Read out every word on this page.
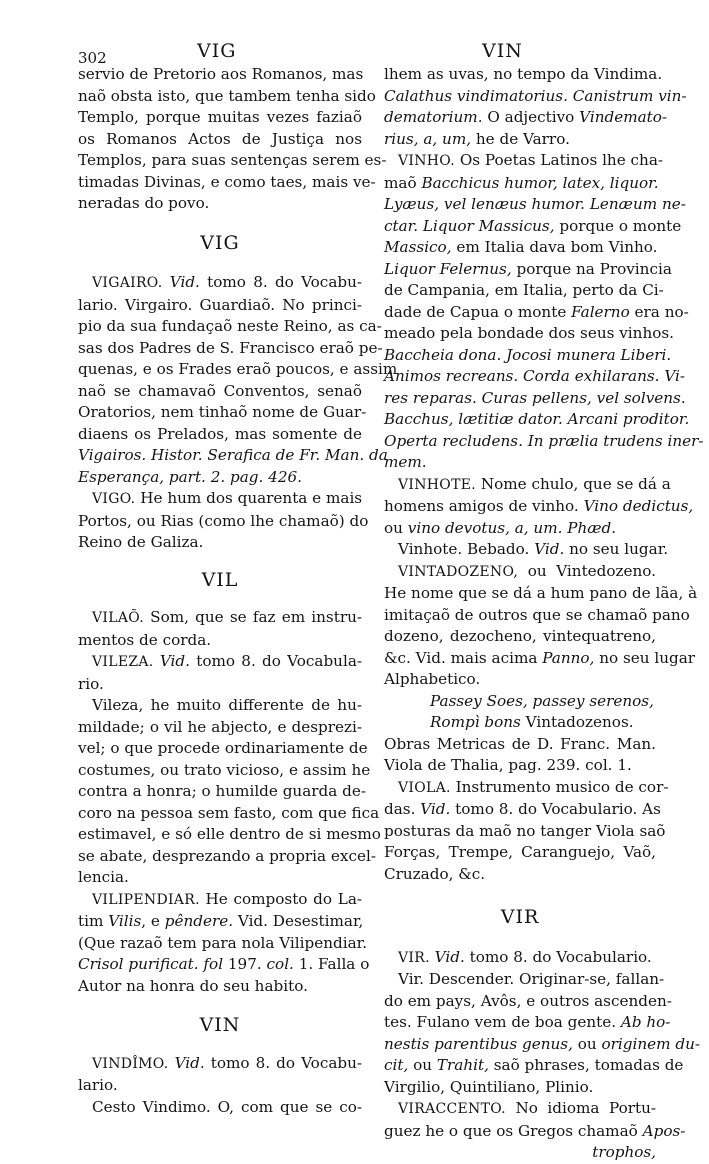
302	VIG	VIN
servio de Pretorio aos Romanos, mas
naõ obsta isto, que tambem tenha sido
Templo, porque muitas vezes faziaõ
os Romanos Actos de Justiça nos
Templos, para suas sentenças serem es-
timadas Divinas, e como taes, mais ve-
neradas do povo.
VIG
VIGAIRO. Vid. tomo 8. do Vocabu-
lario. Virgairo. Guardiaõ. No princi-
pio da sua fundaçaõ neste Reino, as ca-
sas dos Padres de S. Francisco eraõ pe-
quenas, e os Frades eraõ poucos, e assim
naõ se chamavaõ Conventos, senaõ
Oratorios, nem tinhaõ nome de Guar-
diaens os Prelados, mas somente de
Vigairos. Histor. Serafica de Fr. Man. da
Esperança, part. 2. pag. 426.
VIGO. He hum dos quarenta e mais
Portos, ou Rias (como lhe chamaõ) do
Reino de Galiza.
VIL
VILAÕ. Som, que se faz em instru-
mentos de corda.
VILEZA. Vid. tomo 8. do Vocabula-
rio.
Vileza, he muito differente de hu-
mildade; o vil he abjecto, e desprezi-
vel; o que procede ordinariamente de
costumes, ou trato vicioso, e assim he
contra a honra; o humilde guarda de-
coro na pessoa sem fasto, com que fica
estimavel, e só elle dentro de si mesmo
se abate, desprezando a propria excel-
lencia.
VILIPENDIAR. He composto do La-
tim Vilis, e pêndere. Vid. Desestimar,
(Que razaõ tem para nola Vilipendiar.
Crisol purificat. fol 197. col. 1. Falla o
Autor na honra do seu habito.
VIN
VINDÎMO. Vid. tomo 8. do Vocabu-
lario.
Cesto Vindimo. O, com que se co-
lhem as uvas, no tempo da Vindima.
Calathus vindimatorius. Canistrum vin-
dematorium. O adjectivo Vindemato-
rius, a, um, he de Varro.
VINHO. Os Poetas Latinos lhe cha-
maõ Bacchicus humor, latex, liquor.
Lyæus, vel lenæus humor. Lenæum ne-
ctar. Liquor Massicus, porque o monte
Massico, em Italia dava bom Vinho.
Liquor Felernus, porque na Provincia
de Campania, em Italia, perto da Ci-
dade de Capua o monte Falerno era no-
meado pela bondade dos seus vinhos.
Baccheia dona. Jocosi munera Liberi.
Animos recreans. Corda exhilarans. Vi-
res reparas. Curas pellens, vel solvens.
Bacchus, lætitiæ dator. Arcani proditor.
Operta recludens. In prælia trudens iner-
mem.
VINHOTE. Nome chulo, que se dá a
homens amigos de vinho. Vino dedictus,
ou vino devotus, a, um. Phæd.
Vinhote. Bebado. Vid. no seu lugar.
VINTADOZENO, ou Vintedozeno.
He nome que se dá a hum pano de lãa, à
imitaçaõ de outros que se chamaõ pano
dozeno, dezocheno, vintequatreno,
&c. Vid. mais acima Panno, no seu lugar
Alphabetico.
Passey Soes, passey serenos,
Rompì bons Vintadozenos.
Obras Metricas de D. Franc. Man.
Viola de Thalia, pag. 239. col. 1.
VIOLA. Instrumento musico de cor-
das. Vid. tomo 8. do Vocabulario. As
posturas da maõ no tanger Viola saõ
Forças, Trempe, Caranguejo, Vaõ,
Cruzado, &c.
VIR
VIR. Vid. tomo 8. do Vocabulario.
Vir. Descender. Originar-se, fallan-
do em pays, Avôs, e outros ascenden-
tes. Fulano vem de boa gente. Ab ho-
nestis parentibus genus, ou originem du-
cit, ou Trahit, saõ phrases, tomadas de
Virgilio, Quintiliano, Plinio.
VIRACCENTO. No idioma Portu-
guez he o que os Gregos chamaõ Apos-
trophos,
